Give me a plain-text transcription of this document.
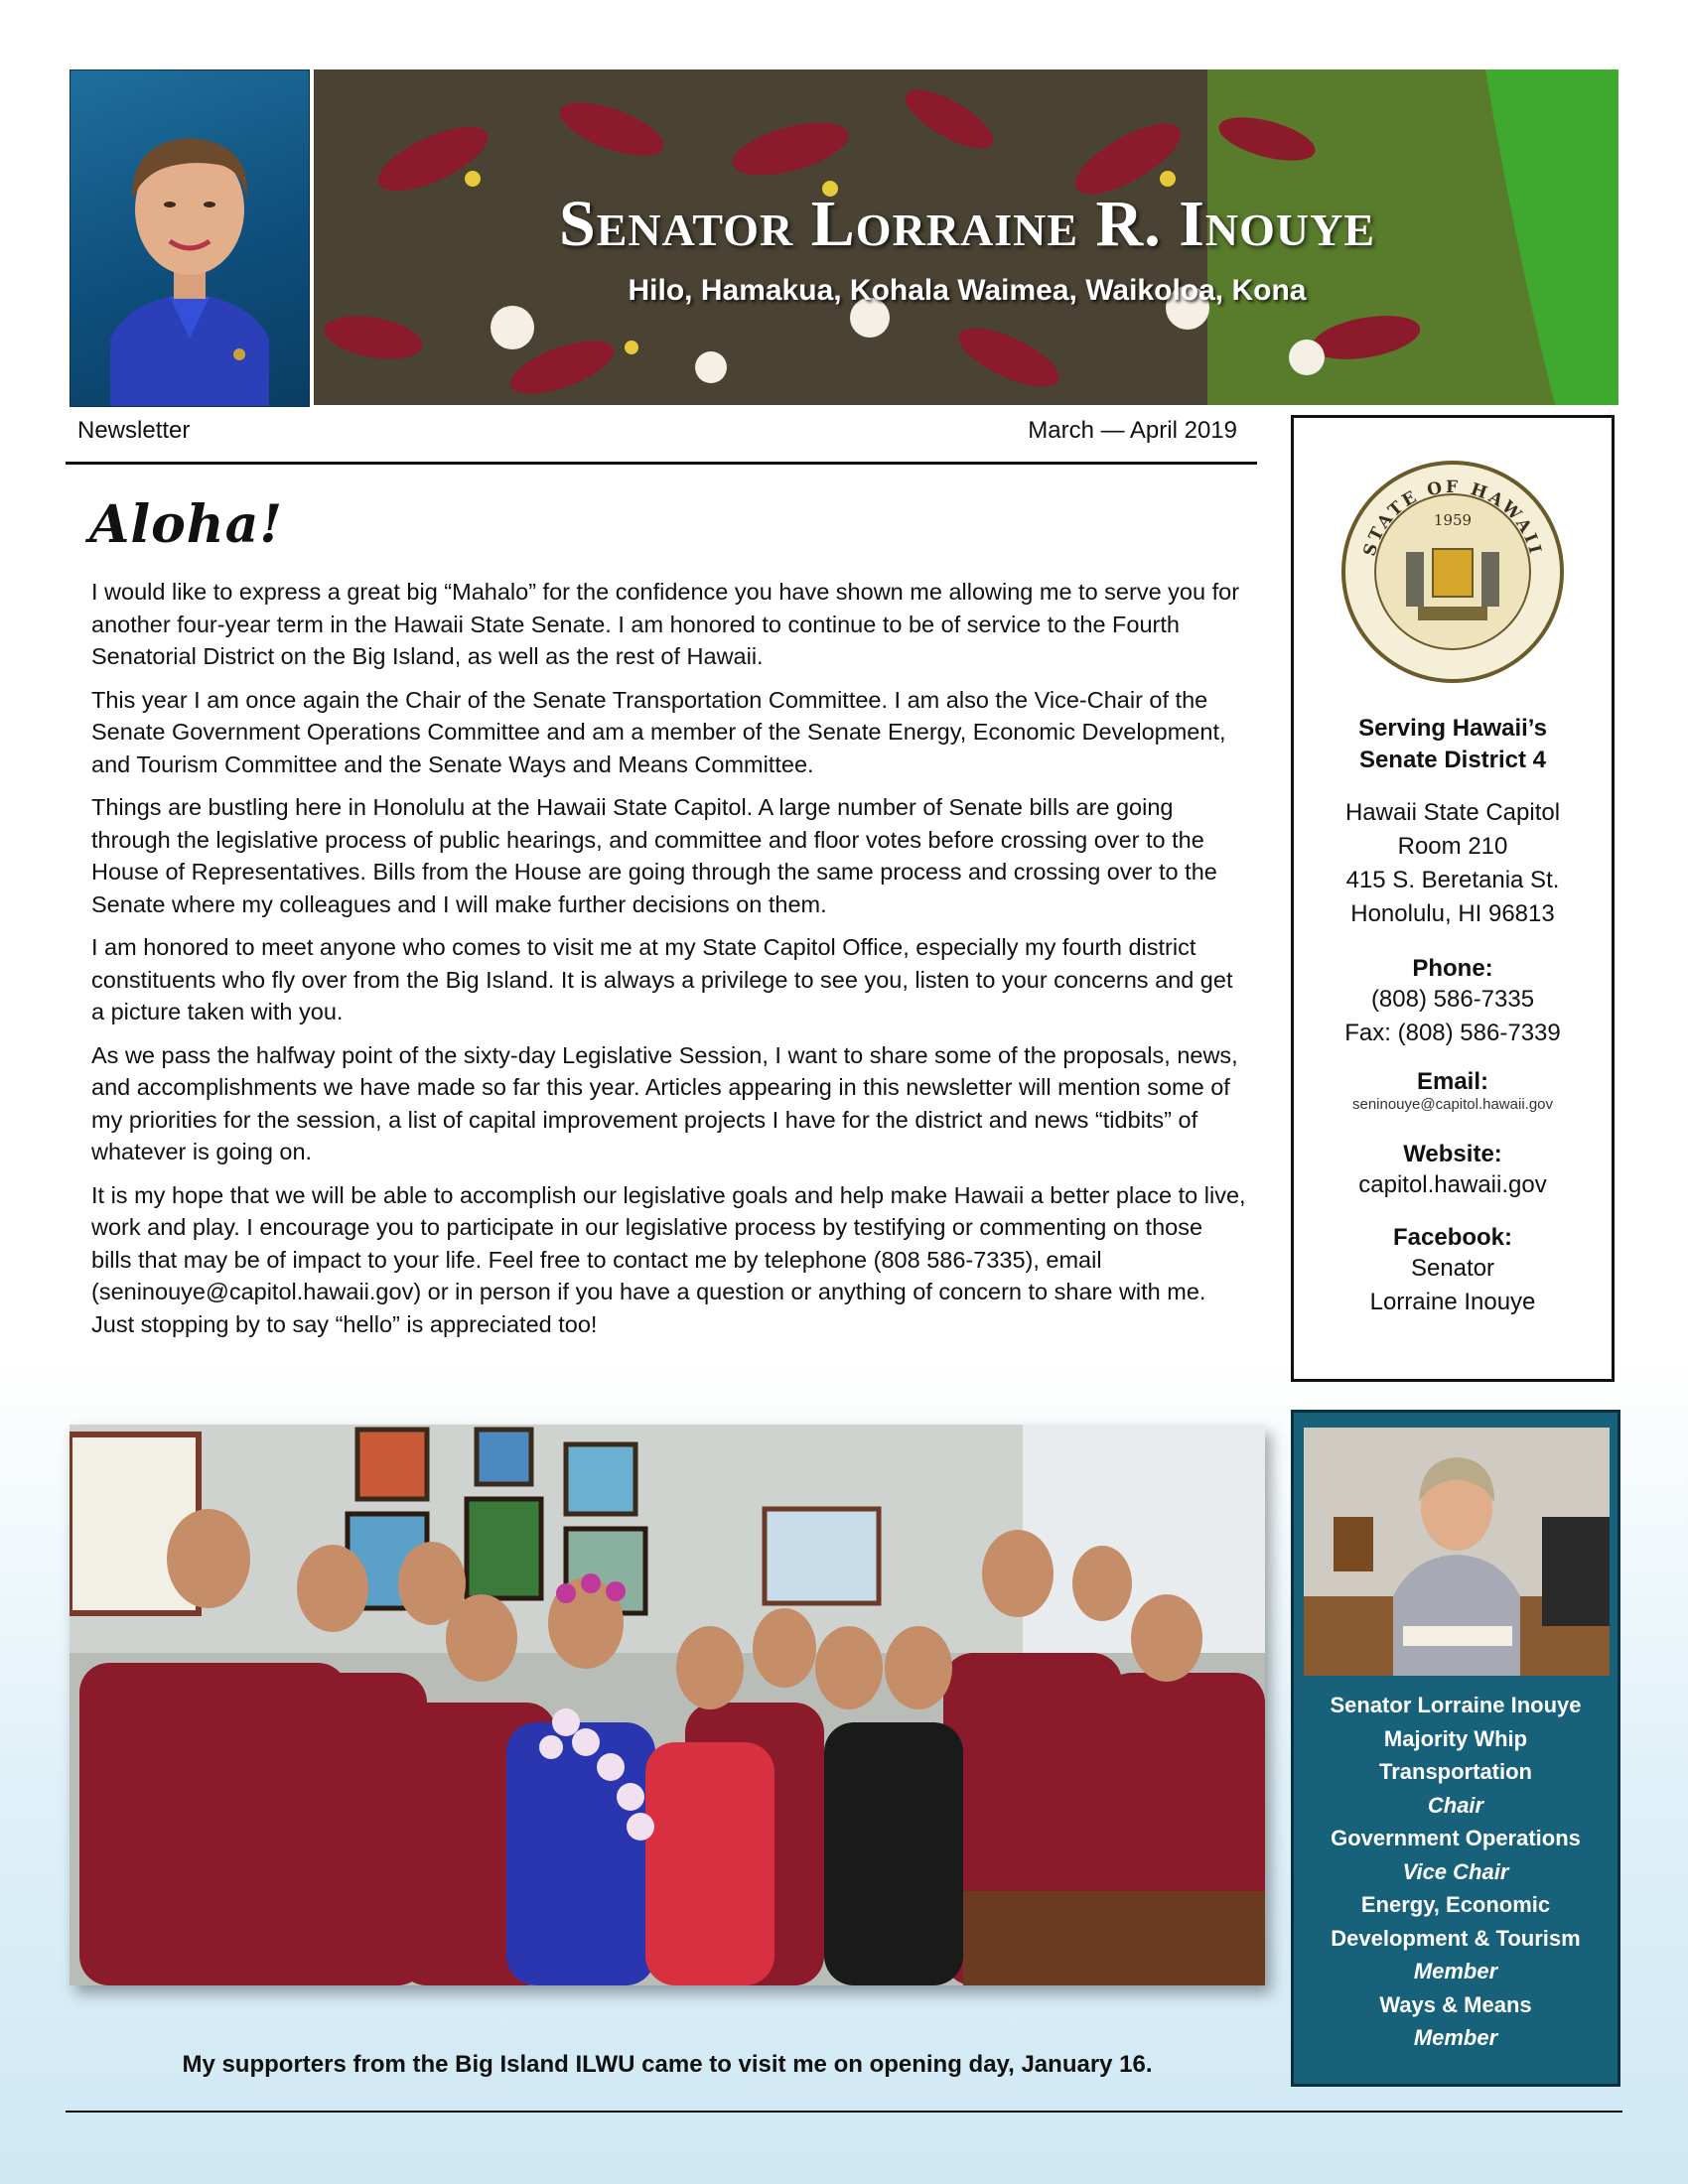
Senator Lorraine R. Inouye
Hilo, Hamakua, Kohala Waimea, Waikoloa, Kona
Newsletter	March — April 2019
Aloha!

I would like to express a great big “Mahalo” for the confidence you have shown me allowing me to serve you for another four-year term in the Hawaii State Senate. I am honored to continue to be of service to the Fourth Senatorial District on the Big Island, as well as the rest of Hawaii.

This year I am once again the Chair of the Senate Transportation Committee. I am also the Vice-Chair of the Senate Government Operations Committee and am a member of the Senate Energy, Economic Development, and Tourism Committee and the Senate Ways and Means Committee.

Things are bustling here in Honolulu at the Hawaii State Capitol. A large number of Senate bills are going through the legislative process of public hearings, and committee and floor votes before crossing over to the House of Representatives. Bills from the House are going through the same process and crossing over to the Senate where my colleagues and I will make further decisions on them.

I am honored to meet anyone who comes to visit me at my State Capitol Office, especially my fourth district constituents who fly over from the Big Island. It is always a privilege to see you, listen to your concerns and get a picture taken with you.

As we pass the halfway point of the sixty-day Legislative Session, I want to share some of the proposals, news, and accomplishments we have made so far this year. Articles appearing in this newsletter will mention some of my priorities for the session, a list of capital improvement projects I have for the district and news “tidbits” of whatever is going on.

It is my hope that we will be able to accomplish our legislative goals and help make Hawaii a better place to live, work and play. I encourage you to participate in our legislative process by testifying or commenting on those bills that may be of impact to your life. Feel free to contact me by telephone (808 586-7335), email (seninouye@capitol.hawaii.gov) or in person if you have a question or anything of concern to share with me. Just stopping by to say “hello” is appreciated too!

STATE OF HAWAII
1959
Serving Hawaii’s
Senate District 4
Hawaii State Capitol
Room 210
415 S. Beretania St.
Honolulu, HI 96813
Phone:
(808) 586-7335
Fax: (808) 586-7339
Email:
seninouye@capitol.hawaii.gov
Website:
capitol.hawaii.gov
Facebook:
Senator
Lorraine Inouye
My supporters from the Big Island ILWU came to visit me on opening day, January 16.
Senator Lorraine Inouye
Majority Whip
Transportation
Chair
Government Operations
Vice Chair
Energy, Economic
Development & Tourism
Member
Ways & Means
Member
